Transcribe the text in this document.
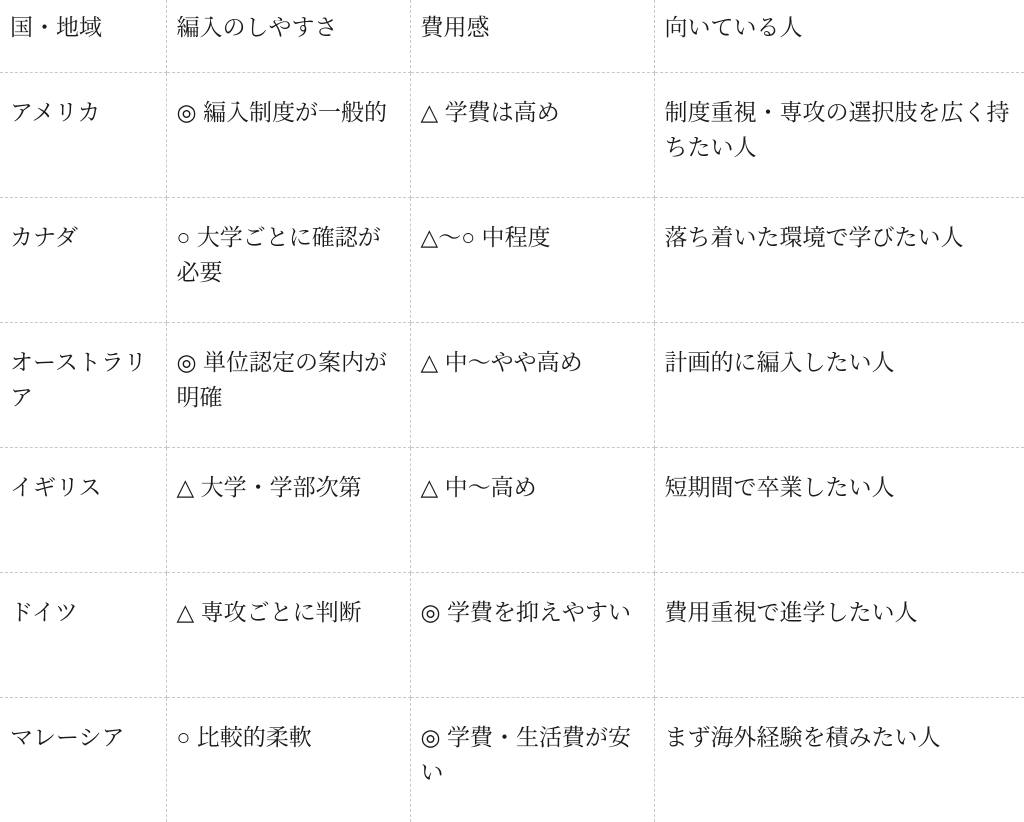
国・地域	編入のしやすさ	費用感	向いている人
アメリカ	◎ 編入制度が一般的	△ 学費は高め	制度重視・専攻の選択肢を広く持ちたい人
カナダ	○ 大学ごとに確認が必要	△〜○ 中程度	落ち着いた環境で学びたい人
オーストラリア	◎ 単位認定の案内が明確	△ 中〜やや高め	計画的に編入したい人
イギリス	△ 大学・学部次第	△ 中〜高め	短期間で卒業したい人
ドイツ	△ 専攻ごとに判断	◎ 学費を抑えやすい	費用重視で進学したい人
マレーシア	○ 比較的柔軟	◎ 学費・生活費が安い	まず海外経験を積みたい人
